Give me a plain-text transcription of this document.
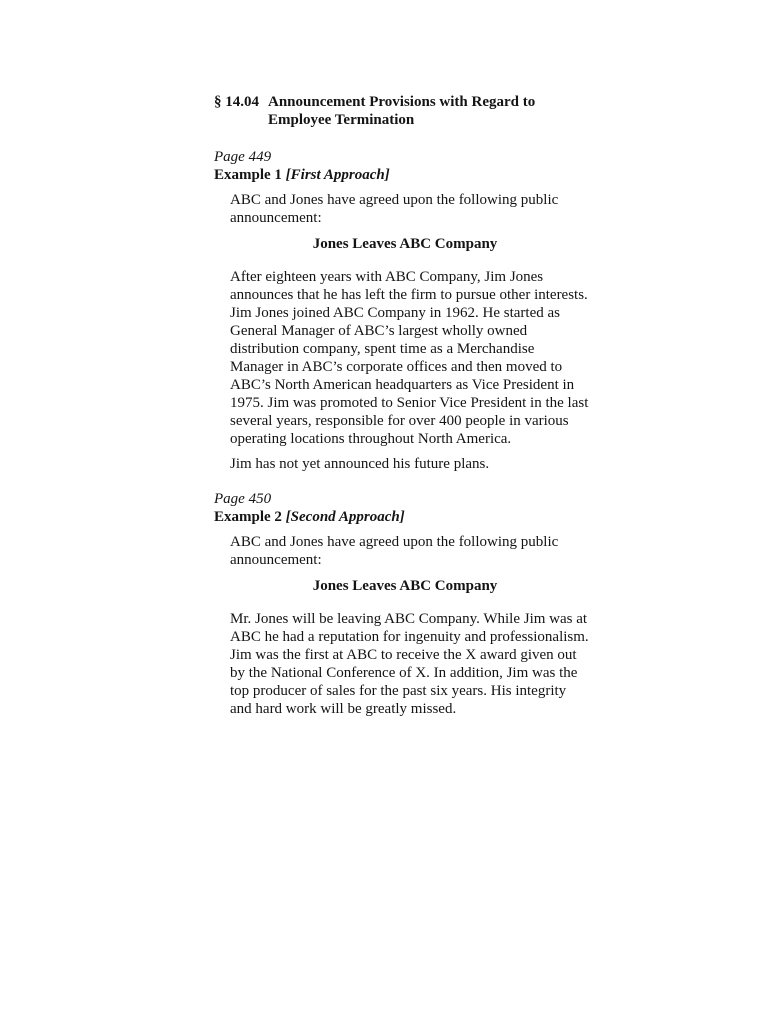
§ 14.04 Announcement Provisions with Regard to
Employee Termination
Page 449
Example 1 [First Approach]
ABC and Jones have agreed upon the following public
announcement:
Jones Leaves ABC Company
After eighteen years with ABC Company, Jim Jones
announces that he has left the firm to pursue other interests.
Jim Jones joined ABC Company in 1962. He started as
General Manager of ABC’s largest wholly owned
distribution company, spent time as a Merchandise
Manager in ABC’s corporate offices and then moved to
ABC’s North American headquarters as Vice President in
1975. Jim was promoted to Senior Vice President in the last
several years, responsible for over 400 people in various
operating locations throughout North America.
Jim has not yet announced his future plans.
Page 450
Example 2 [Second Approach]
ABC and Jones have agreed upon the following public
announcement:
Jones Leaves ABC Company
Mr. Jones will be leaving ABC Company. While Jim was at
ABC he had a reputation for ingenuity and professionalism.
Jim was the first at ABC to receive the X award given out
by the National Conference of X. In addition, Jim was the
top producer of sales for the past six years. His integrity
and hard work will be greatly missed.
